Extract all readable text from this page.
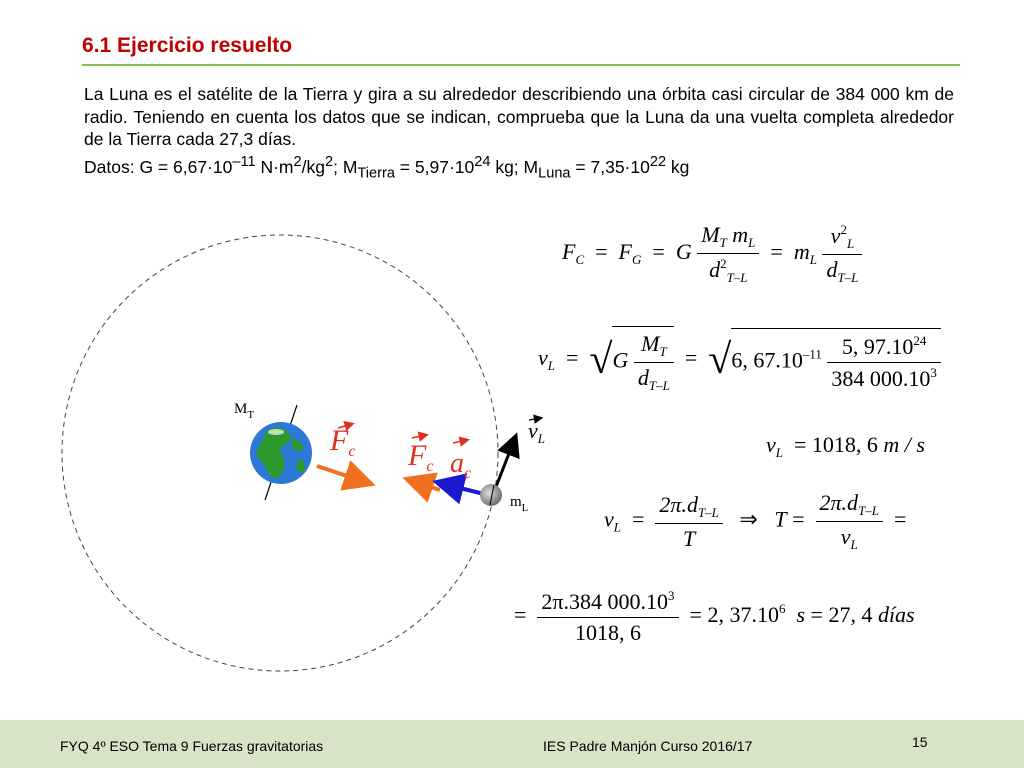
6.1 Ejercicio resuelto

La Luna es el satélite de la Tierra y gira a su alrededor describiendo una órbita casi circular de 384 000 km de radio. Teniendo en cuenta los datos que se indican, comprueba que la Luna da una vuelta completa alrededor de la Tierra cada 27,3 días.

Datos: $G = 6,67\cdot 10^{-11}$ $N\cdot m^2/kg^2$; $M_{Tierra} = 5,97\cdot 10^{24}$ kg; $M_{Luna} = 7,35\cdot 10^{22}$ kg

$M_T$
$F_c$ $F_c$ $a_c$
$m_L$
$v_L$
$F_C = F_G = G \frac{M_T m_L}{d^2_{T-L}} = m_L \frac{v^2_L}{d_{T-L}}$
$v_L = √G \frac{M_T}{d_{T-L}} = √6$, $67.10^{-11} \frac{5, 97.10^{24}}{384 000.10^3}$
$v_L = 1018$, 6 m / s
$v_L = \frac{2\pi.d_{T-L}}{T}$ ⇒ $T = \frac{2\pi.d_{T-L}}{v_L}$ =
= $\frac{2\pi.384 000.10^3}{1018, 6} = 2$, 37.10$^6$ s = 27, 4 días
FYQ 4º ESO Tema 9 Fuerzas gravitatorias	IES Padre Manjón Curso 2016/17	15
